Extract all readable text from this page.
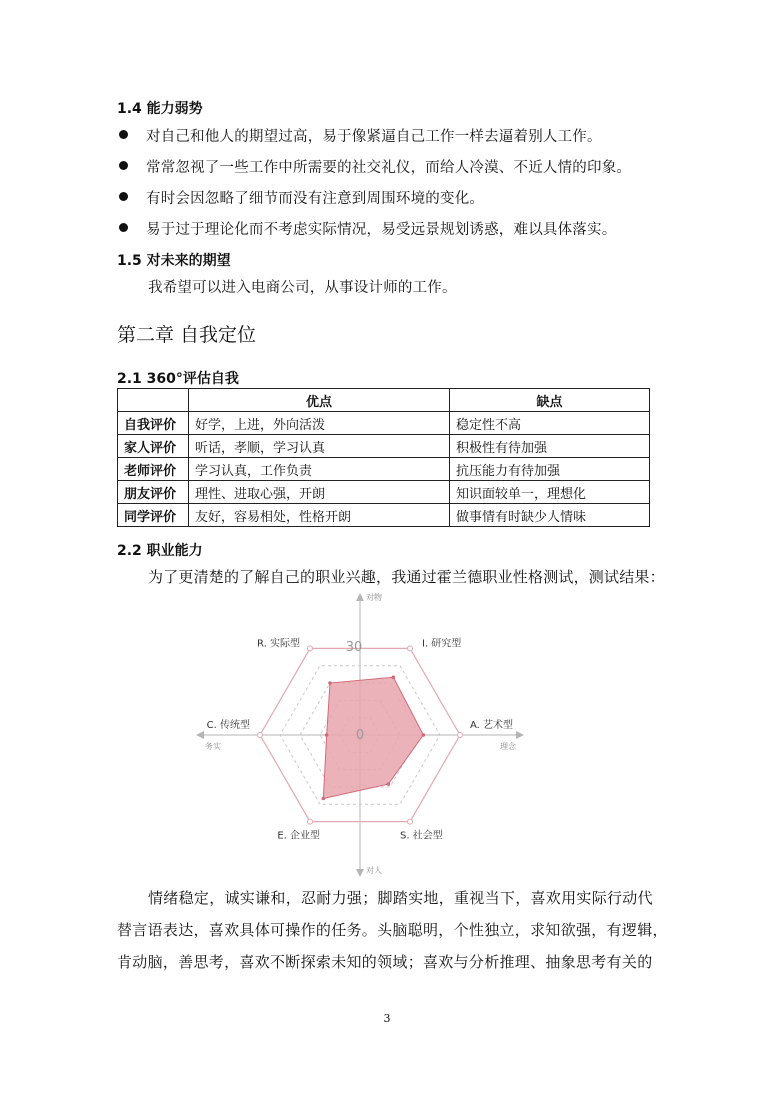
1.4 能力弱势
对自己和他人的期望过高，易于像紧逼自己工作一样去逼着别人工作。
常常忽视了一些工作中所需要的社交礼仪，而给人冷漠、不近人情的印象。
有时会因忽略了细节而没有注意到周围环境的变化。
易于过于理论化而不考虑实际情况，易受远景规划诱惑，难以具体落实。
1.5 对未来的期望
我希望可以进入电商公司，从事设计师的工作。
第二章 自我定位
2.1 360°评估自我
	优点	缺点
自我评价	好学，上进，外向活泼	稳定性不高
家人评价	听话，孝顺，学习认真	积极性有待加强
老师评价	学习认真，工作负责	抗压能力有待加强
朋友评价	理性、进取心强，开朗	知识面较单一，理想化
同学评价	友好，容易相处，性格开朗	做事情有时缺少人情味
2.2 职业能力
为了更清楚的了解自己的职业兴趣，我通过霍兰德职业性格测试，测试结果：
I. 研究型
A. 艺术型
S. 社会型
E. 企业型
C. 传统型
R. 实际型
0
30
对物
对人
务实	理念
情绪稳定，诚实谦和，忍耐力强；脚踏实地，重视当下，喜欢用实际行动代
替言语表达，喜欢具体可操作的任务。头脑聪明，个性独立，求知欲强，有逻辑，
肯动脑，善思考，喜欢不断探索未知的领域；喜欢与分析推理、抽象思考有关的
3
